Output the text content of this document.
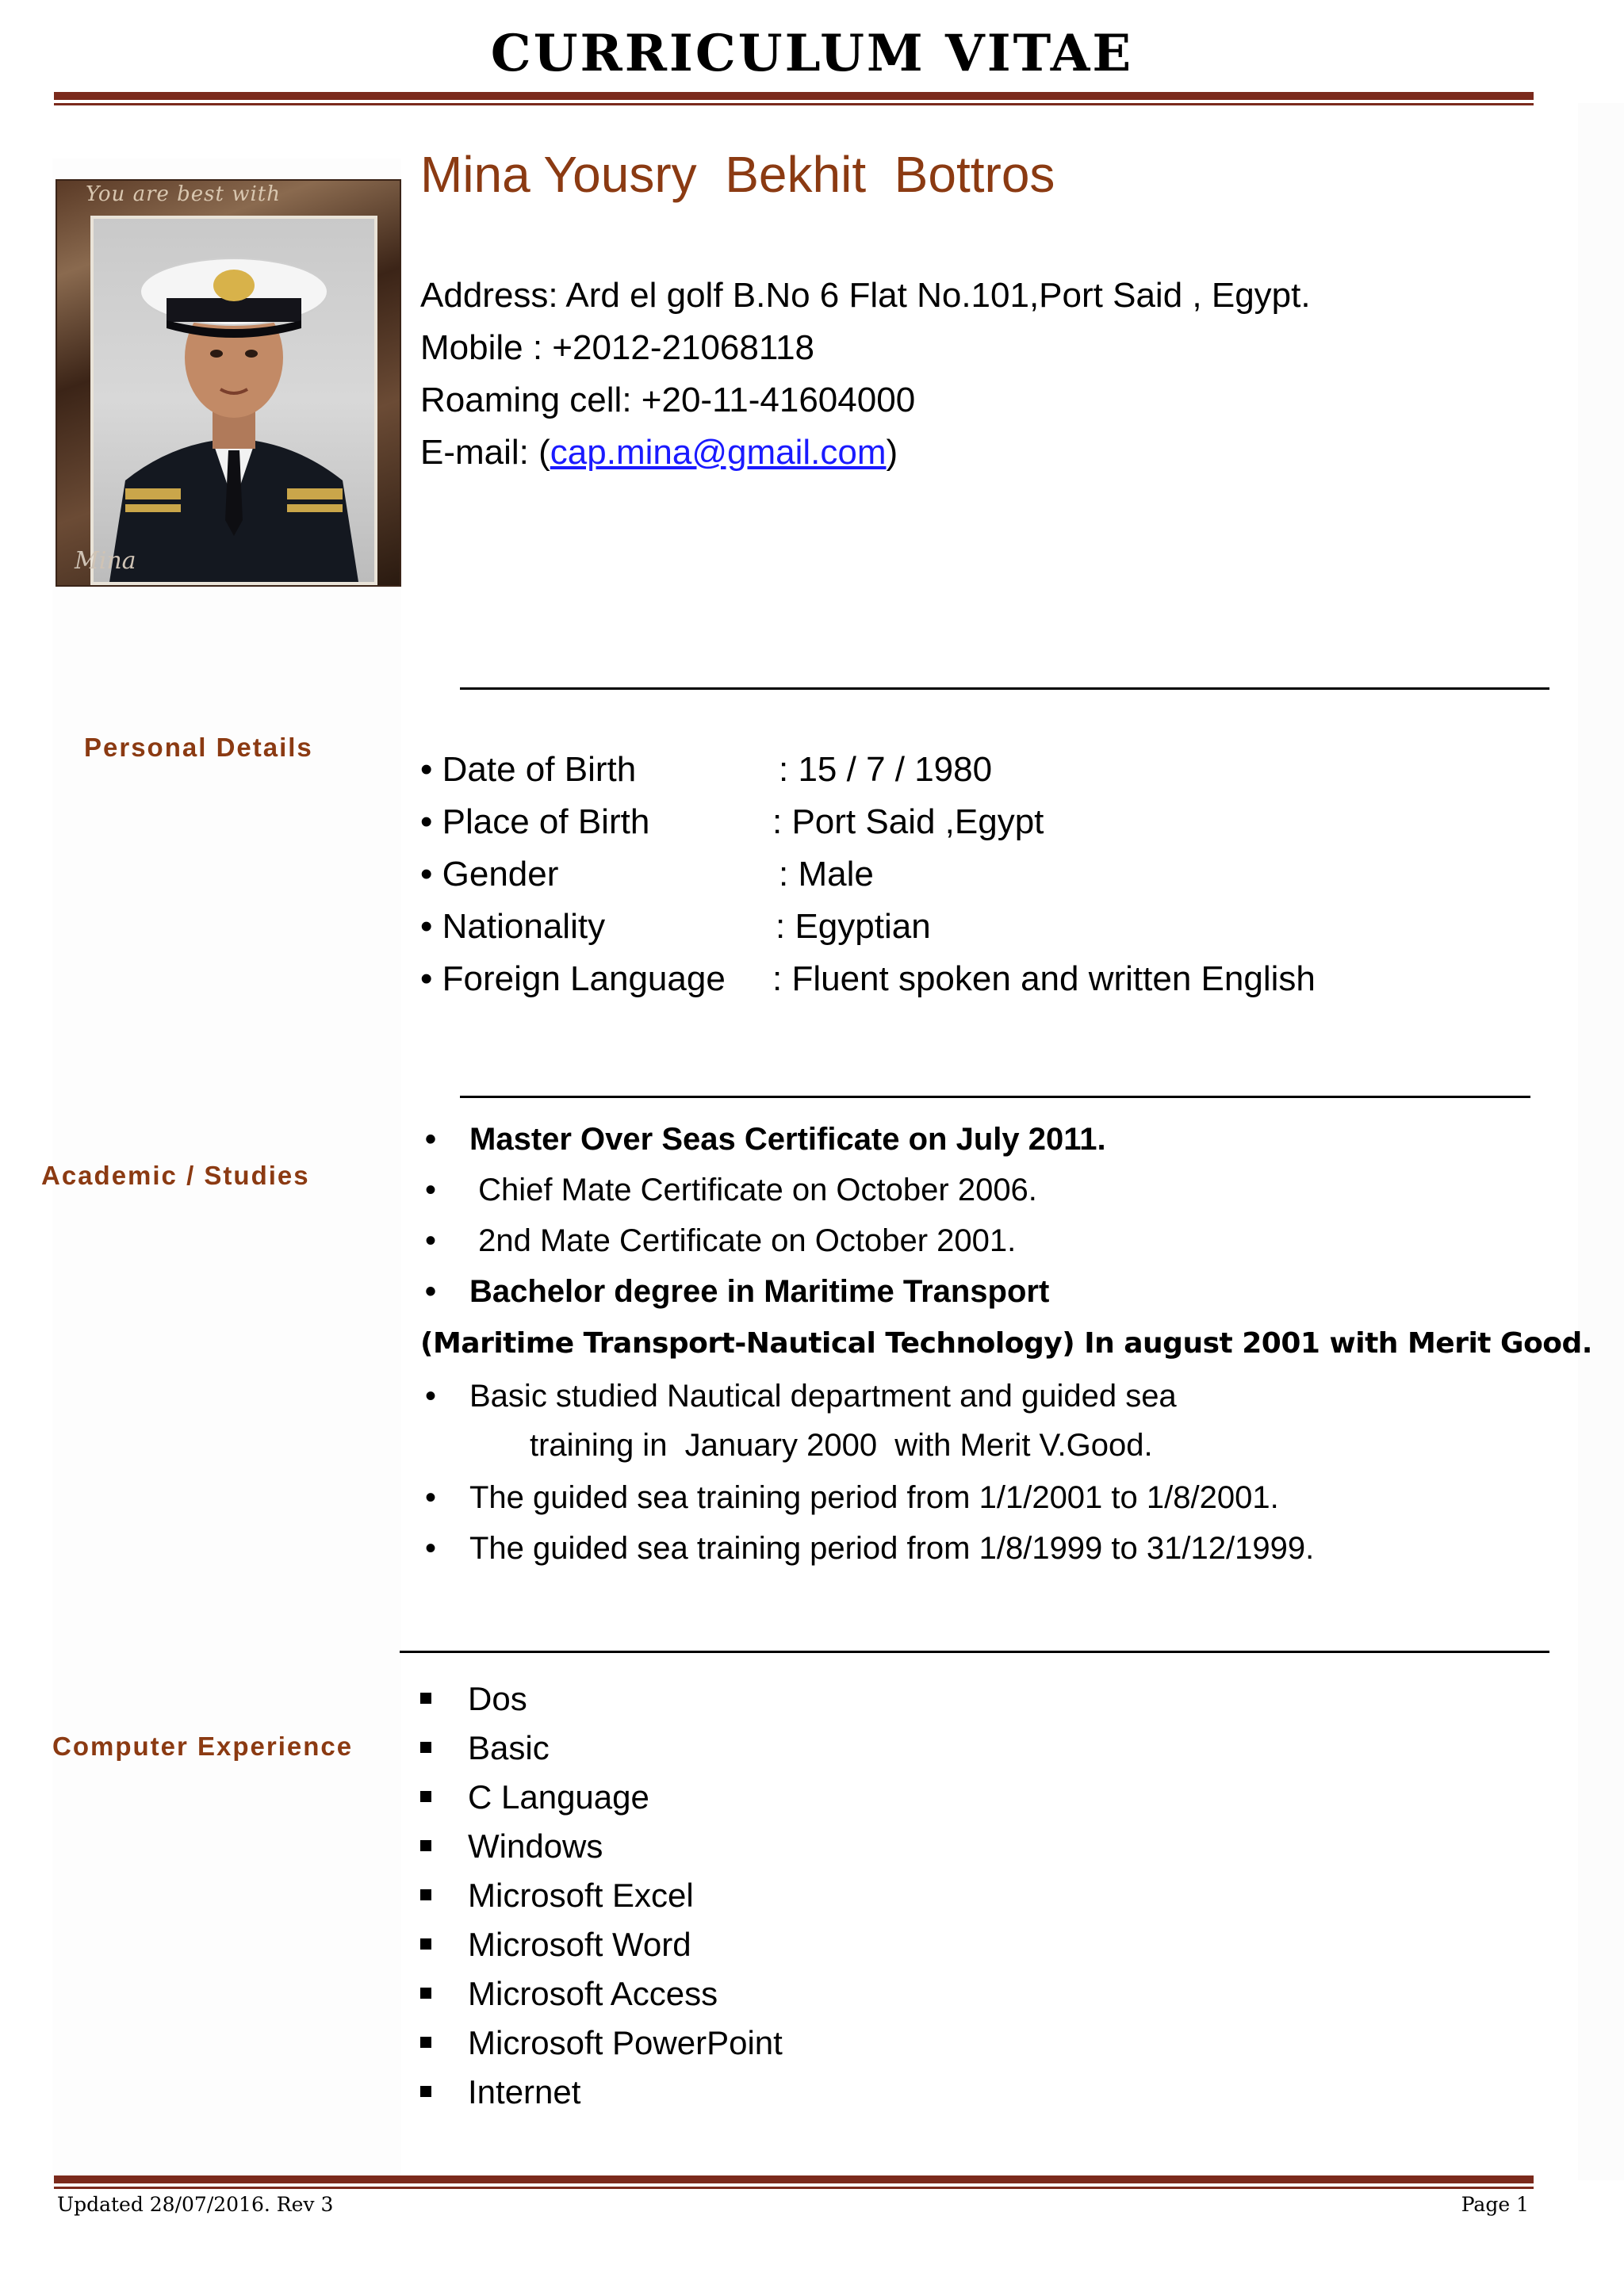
CURRICULUM VITAE
You are best with
Mina
Mina Yousry  Bekhit  Bottros
Address: Ard el golf B.No 6 Flat No.101,Port Said , Egypt.
Mobile : +2012-21068118
Roaming cell: +20-11-41604000
E-mail: (cap.mina@gmail.com)
Personal Details
• Date of Birth	: 15 / 7 / 1980
• Place of Birth	: Port Said ,Egypt
• Gender	: Male
• Nationality	: Egyptian
• Foreign Language : Fluent spoken and written English
Academic / Studies
• Master Over Seas Certificate on July 2011.
• Chief Mate Certificate on October 2006.
• 2nd Mate Certificate on October 2001.
• Bachelor degree in Maritime Transport
(Maritime Transport-Nautical Technology) In august 2001 with Merit Good.
• Basic studied Nautical department and guided sea
training in  January 2000  with Merit V.Good.
• The guided sea training period from 1/1/2001 to 1/8/2001.
• The guided sea training period from 1/8/1999 to 31/12/1999.
Computer Experience
Dos
Basic
C Language
Windows
Microsoft Excel
Microsoft Word
Microsoft Access
Microsoft PowerPoint
Internet
Updated 28/07/2016. Rev 3	Page 1
